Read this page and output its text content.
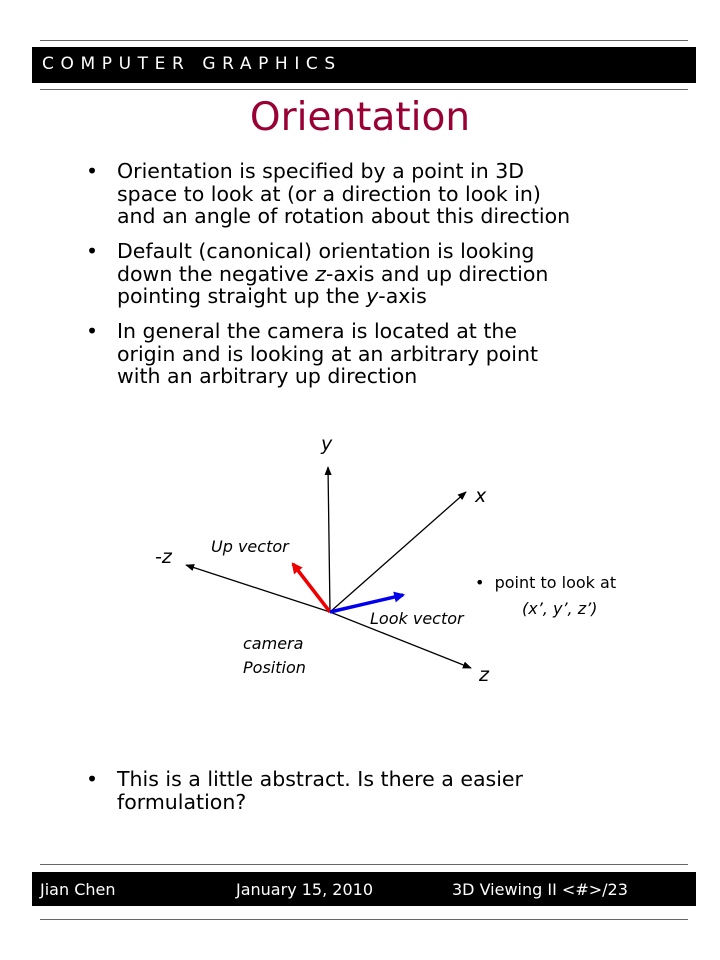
COMPUTER GRAPHICS
Orientation
• Orientation is specified by a point in 3D
space to look at (or a direction to look in)
and an angle of rotation about this direction
• Default (canonical) orientation is looking
down the negative z-axis and up direction
pointing straight up the y-axis
• In general the camera is located at the
origin and is looking at an arbitrary point
with an arbitrary up direction
• This is a little abstract. Is there a easier
formulation?
y
x
-z
z
Up vector
Look vector
camera
Position
• point to look at
(x’, y’, z’)
Jian Chen	January 15, 2010	3D Viewing II <#>/23
